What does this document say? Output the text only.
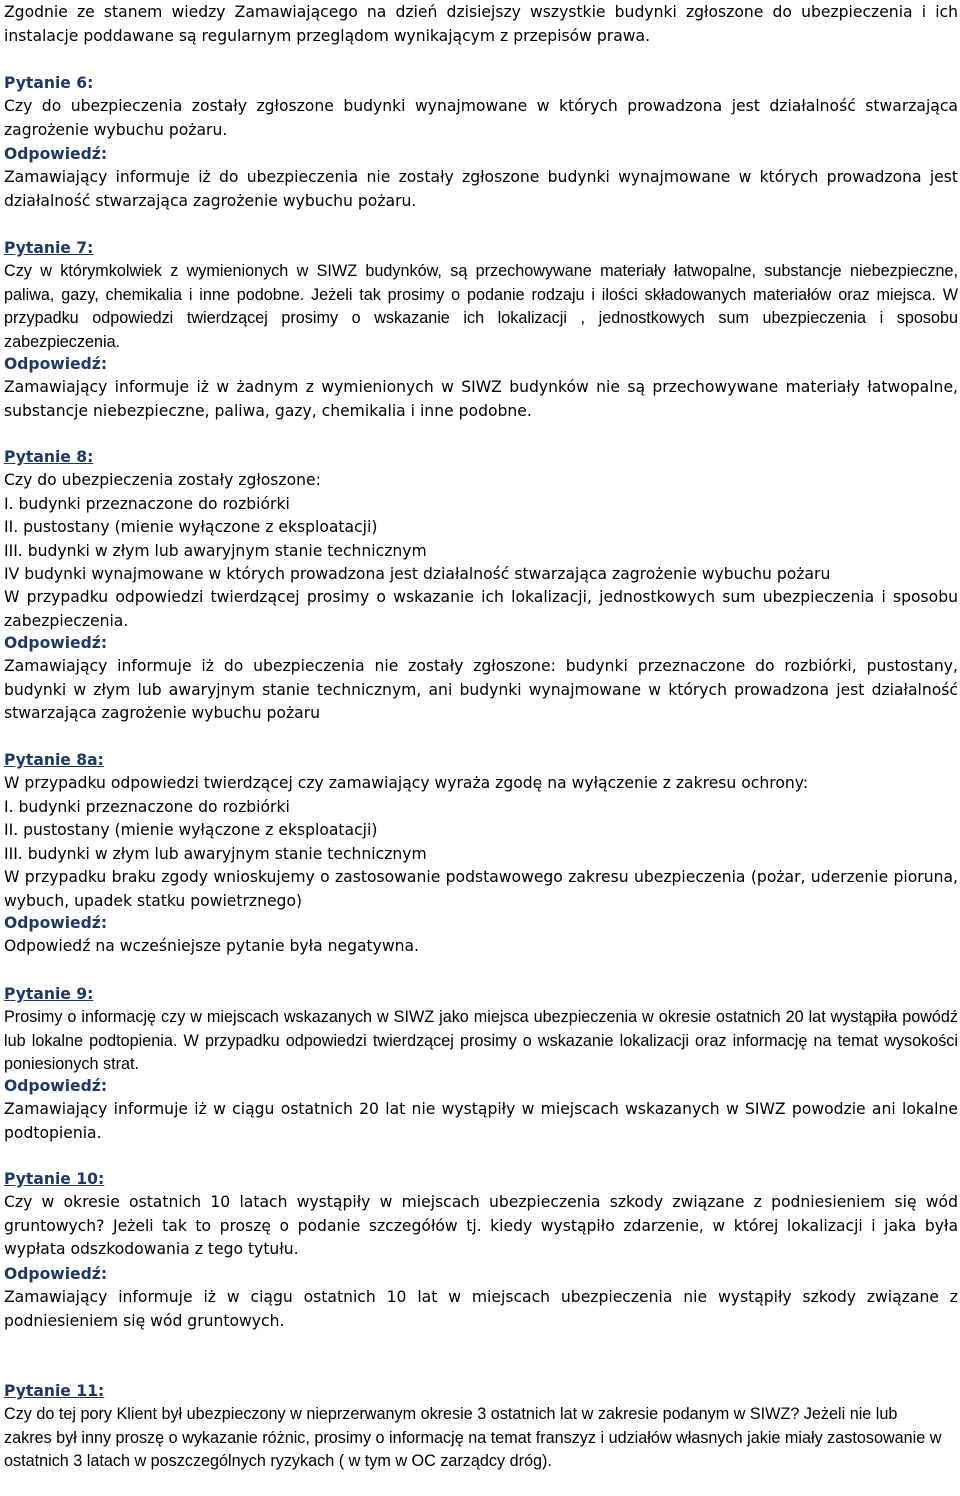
Zgodnie ze stanem wiedzy Zamawiającego na dzień dzisiejszy wszystkie budynki zgłoszone do ubezpieczenia i ich instalacje poddawane są regularnym przeglądom wynikającym z przepisów prawa.

Pytanie 6:

Czy do ubezpieczenia zostały zgłoszone budynki wynajmowane w których prowadzona jest działalność stwarzająca zagrożenie wybuchu pożaru.

Odpowiedź:

Zamawiający informuje iż do ubezpieczenia nie zostały zgłoszone budynki wynajmowane w których prowadzona jest działalność stwarzająca zagrożenie wybuchu pożaru.

Pytanie 7:

Czy w którymkolwiek z wymienionych w SIWZ budynków, są przechowywane materiały łatwopalne, substancje niebezpieczne, paliwa, gazy, chemikalia i inne podobne. Jeżeli tak prosimy o podanie rodzaju i ilości składowanych materiałów oraz miejsca. W przypadku odpowiedzi twierdzącej prosimy o wskazanie ich lokalizacji , jednostkowych sum ubezpieczenia i sposobu zabezpieczenia.

Odpowiedź:

Zamawiający informuje iż w żadnym z wymienionych w SIWZ budynków nie są przechowywane materiały łatwopalne, substancje niebezpieczne, paliwa, gazy, chemikalia i inne podobne.

Pytanie 8:
Czy do ubezpieczenia zostały zgłoszone:
I. budynki przeznaczone do rozbiórki
II. pustostany (mienie wyłączone z eksploatacji)
III. budynki w złym lub awaryjnym stanie technicznym
IV budynki wynajmowane w których prowadzona jest działalność stwarzająca zagrożenie wybuchu pożaru

W przypadku odpowiedzi twierdzącej prosimy o wskazanie ich lokalizacji, jednostkowych sum ubezpieczenia i sposobu zabezpieczenia.

Odpowiedź:

Zamawiający informuje iż do ubezpieczenia nie zostały zgłoszone: budynki przeznaczone do rozbiórki, pustostany, budynki w złym lub awaryjnym stanie technicznym, ani budynki wynajmowane w których prowadzona jest działalność stwarzająca zagrożenie wybuchu pożaru

Pytanie 8a:
W przypadku odpowiedzi twierdzącej czy zamawiający wyraża zgodę na wyłączenie z zakresu ochrony:
I. budynki przeznaczone do rozbiórki
II. pustostany (mienie wyłączone z eksploatacji)
III. budynki w złym lub awaryjnym stanie technicznym

W przypadku braku zgody wnioskujemy o zastosowanie podstawowego zakresu ubezpieczenia (pożar, uderzenie pioruna, wybuch, upadek statku powietrznego)

Odpowiedź:

Odpowiedź na wcześniejsze pytanie była negatywna.

Pytanie 9:

Prosimy o informację czy w miejscach wskazanych w SIWZ jako miejsca ubezpieczenia w okresie ostatnich 20 lat wystąpiła powódź lub lokalne podtopienia. W przypadku odpowiedzi twierdzącej prosimy o wskazanie lokalizacji oraz informację na temat wysokości poniesionych strat.

Odpowiedź:

Zamawiający informuje iż w ciągu ostatnich 20 lat nie wystąpiły w miejscach wskazanych w SIWZ powodzie ani lokalne podtopienia.

Pytanie 10:

Czy w okresie ostatnich 10 latach wystąpiły w miejscach ubezpieczenia szkody związane z podniesieniem się wód gruntowych? Jeżeli tak to proszę o podanie szczegółów tj. kiedy wystąpiło zdarzenie, w której lokalizacji i jaka była wypłata odszkodowania z tego tytułu.

Odpowiedź:

Zamawiający informuje iż w ciągu ostatnich 10 lat w miejscach ubezpieczenia nie wystąpiły szkody związane z podniesieniem się wód gruntowych.

Pytanie 11:

Czy do tej pory Klient był ubezpieczony w nieprzerwanym okresie 3 ostatnich lat w zakresie podanym w SIWZ? Jeżeli nie lub zakres był inny proszę o wykazanie różnic, prosimy o informację na temat franszyz i udziałów własnych jakie miały zastosowanie w ostatnich 3 latach w poszczególnych ryzykach ( w tym w OC zarządcy dróg).
